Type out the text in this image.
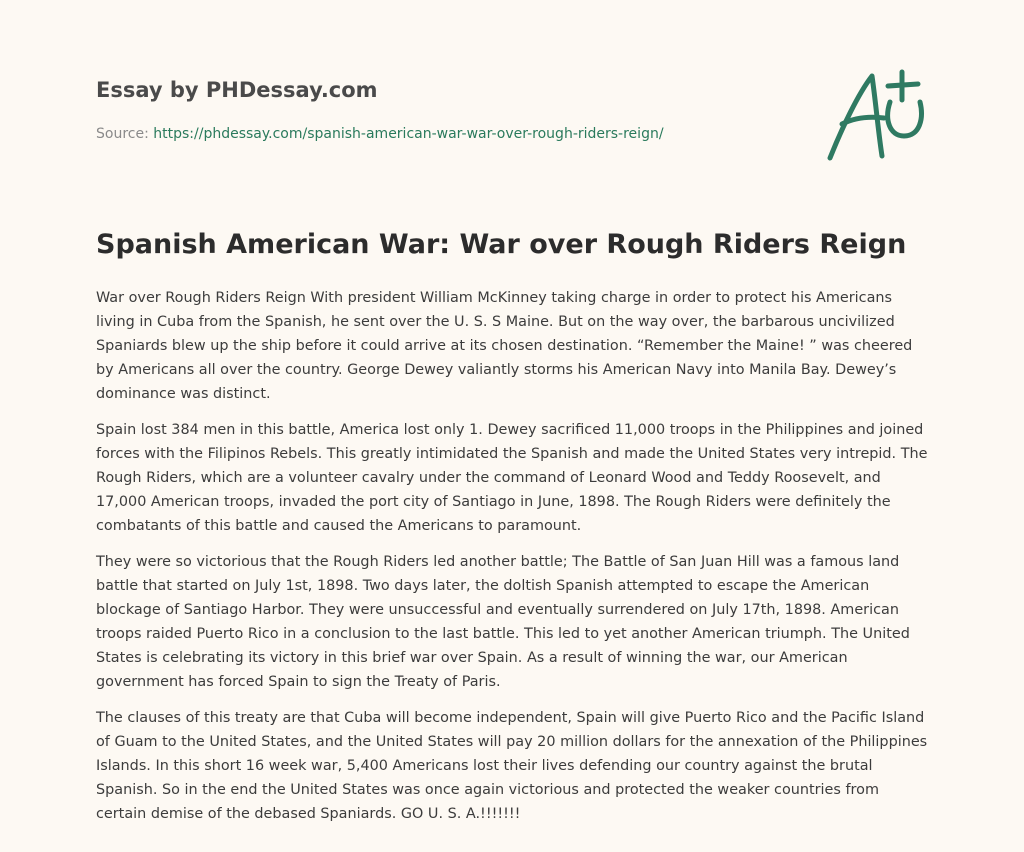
Essay by PHDessay.com
Source: https://phdessay.com/spanish-american-war-war-over-rough-riders-reign/
Spanish American War: War over Rough Riders Reign

War over Rough Riders Reign With president William McKinney taking charge in order to protect his Americans living in Cuba from the Spanish, he sent over the U. S. S Maine. But on the way over, the barbarous uncivilized Spaniards blew up the ship before it could arrive at its chosen destination. “Remember the Maine! ” was cheered by Americans all over the country. George Dewey valiantly storms his American Navy into Manila Bay. Dewey’s dominance was distinct.

Spain lost 384 men in this battle, America lost only 1. Dewey sacrificed 11,000 troops in the Philippines and joined forces with the Filipinos Rebels. This greatly intimidated the Spanish and made the United States very intrepid. The Rough Riders, which are a volunteer cavalry under the command of Leonard Wood and Teddy Roosevelt, and 17,000 American troops, invaded the port city of Santiago in June, 1898. The Rough Riders were definitely the combatants of this battle and caused the Americans to paramount.

They were so victorious that the Rough Riders led another battle; The Battle of San Juan Hill was a famous land battle that started on July 1st, 1898. Two days later, the doltish Spanish attempted to escape the American blockage of Santiago Harbor. They were unsuccessful and eventually surrendered on July 17th, 1898. American troops raided Puerto Rico in a conclusion to the last battle. This led to yet another American triumph. The United States is celebrating its victory in this brief war over Spain. As a result of winning the war, our American government has forced Spain to sign the Treaty of Paris.

The clauses of this treaty are that Cuba will become independent, Spain will give Puerto Rico and the Pacific Island of Guam to the United States, and the United States will pay 20 million dollars for the annexation of the Philippines Islands. In this short 16 week war, 5,400 Americans lost their lives defending our country against the brutal Spanish. So in the end the United States was once again victorious and protected the weaker countries from certain demise of the debased Spaniards. GO U. S. A.!!!!!!!
